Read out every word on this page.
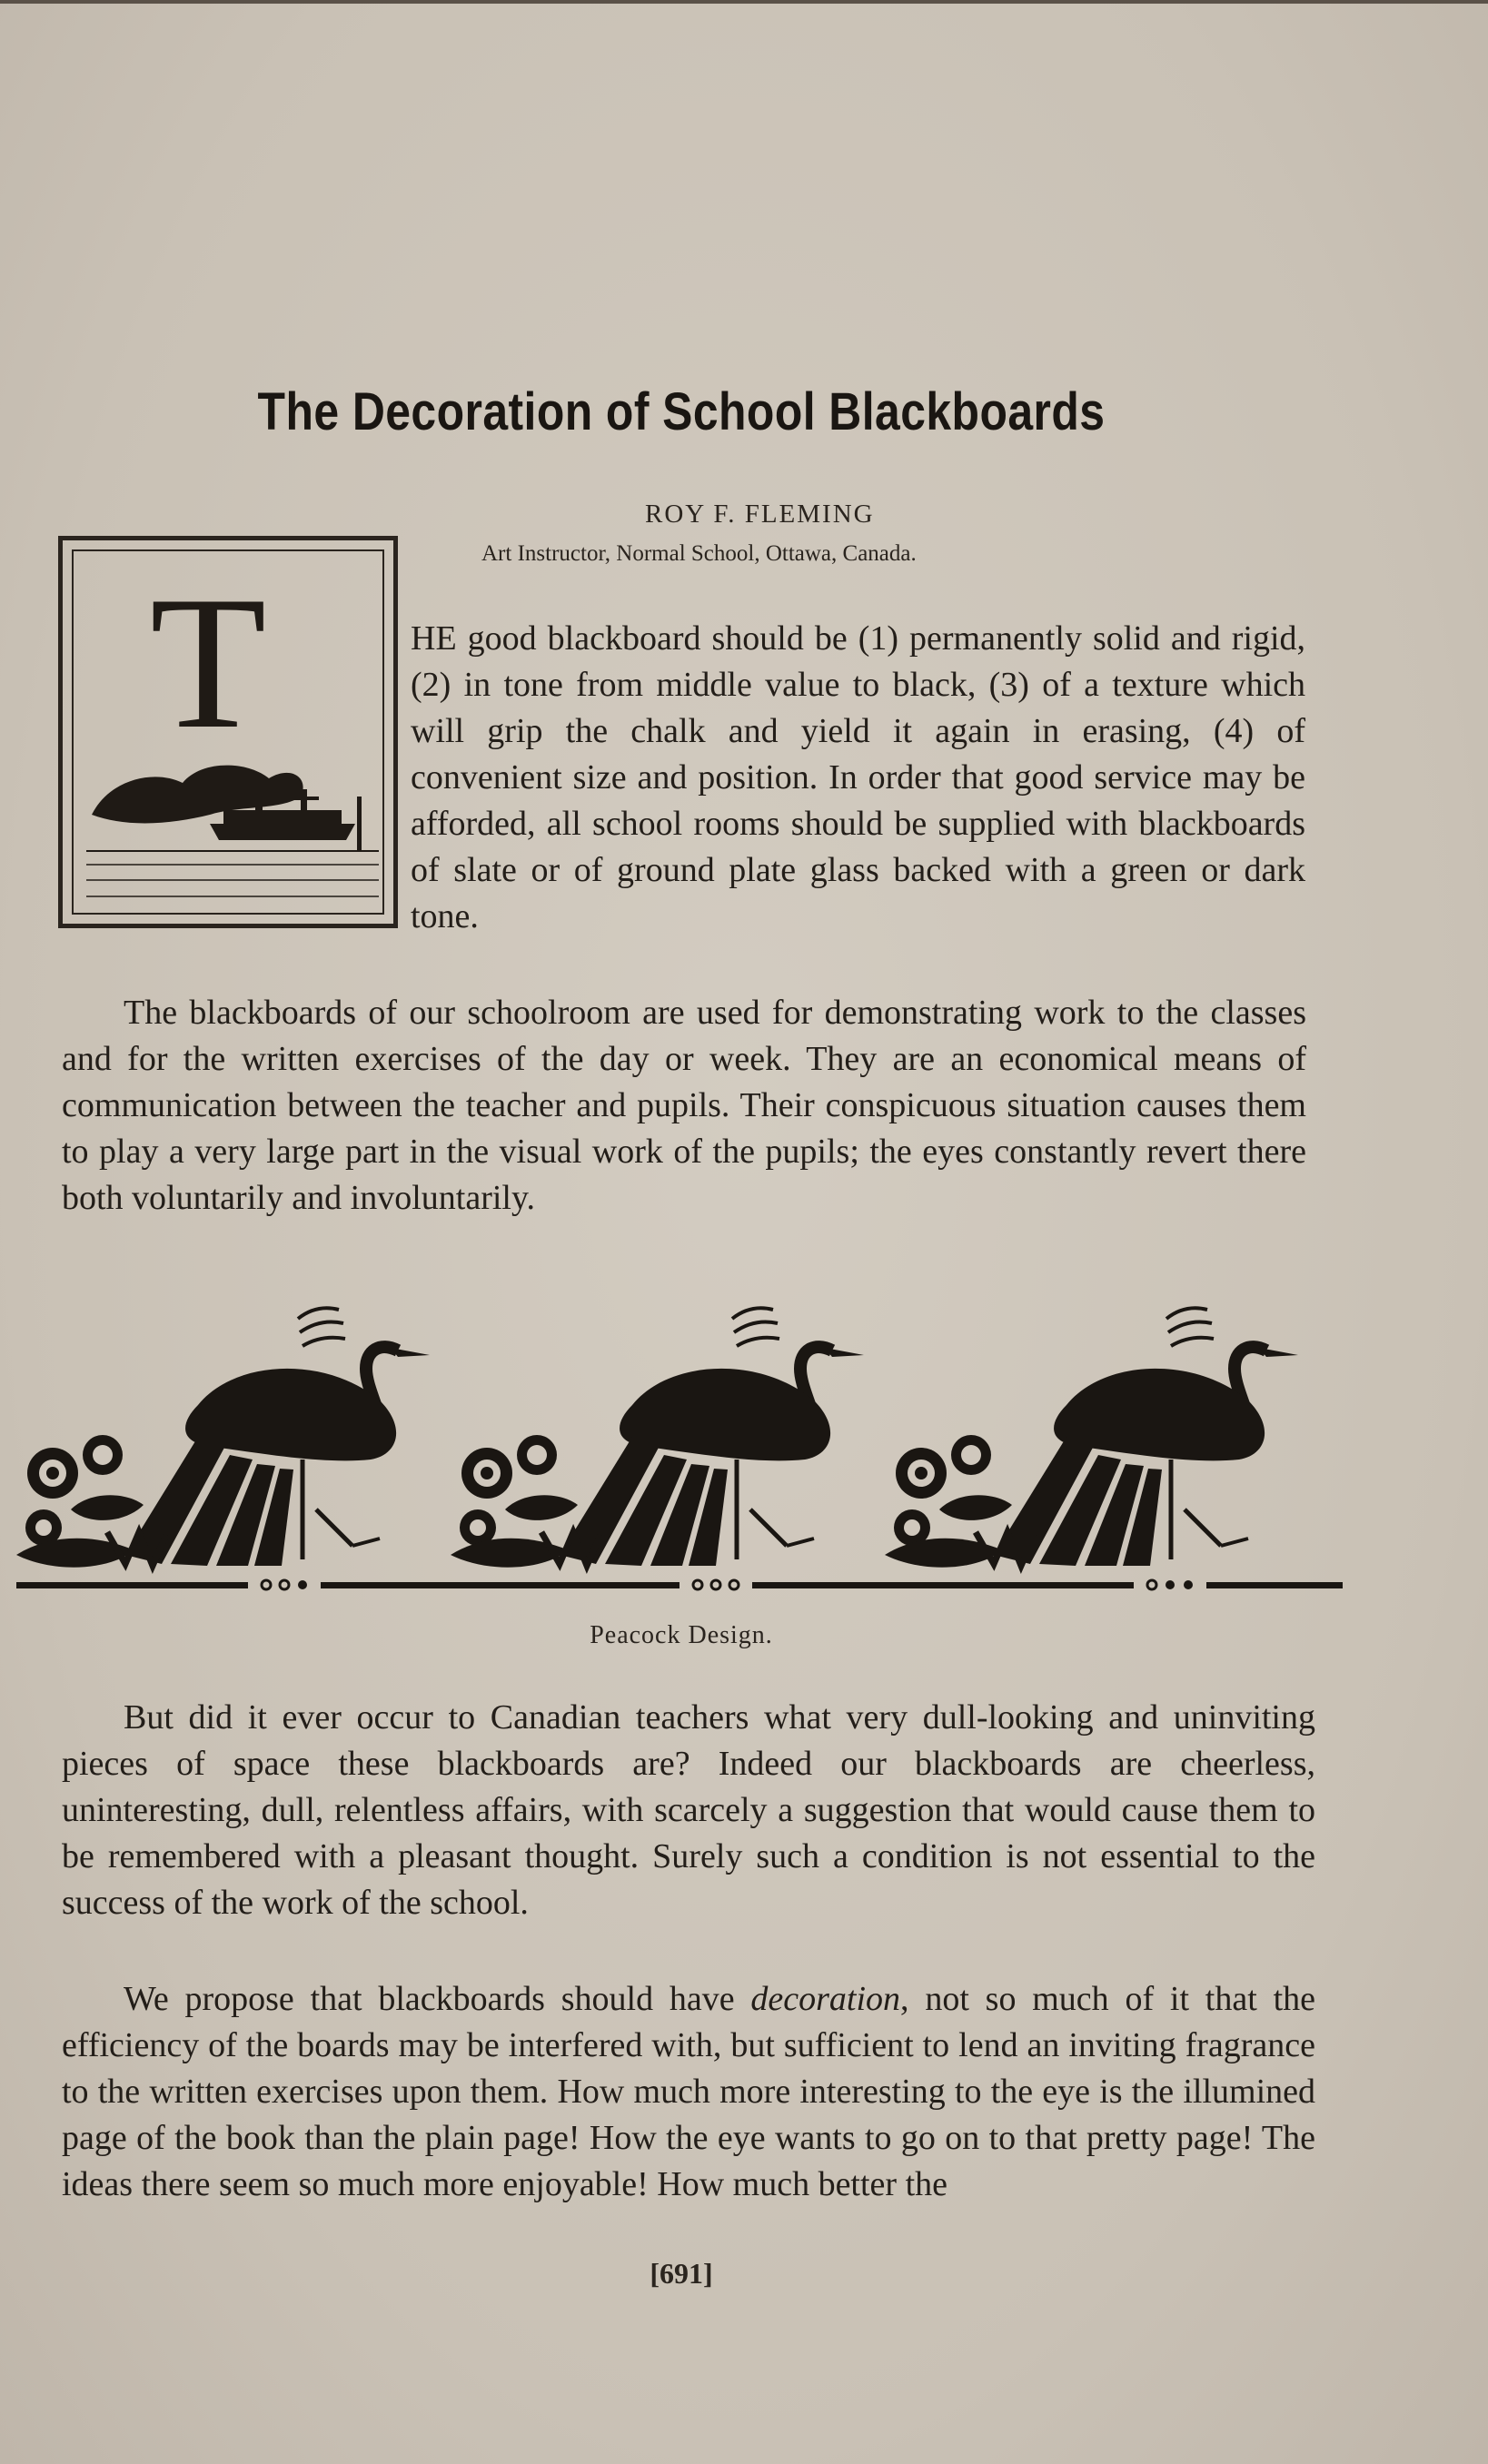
The Decoration of School Blackboards
ROY F. FLEMING
Art Instructor, Normal School, Ottawa, Canada.
T	HE good blackboard should be (1) permanently solid and rigid, (2) in tone from middle value to black, (3) of a texture which will grip the chalk and yield it again in erasing, (4) of convenient size and position. In order that good service may be afforded, all school rooms should be supplied with blackboards of slate or of ground plate glass backed with a green or dark tone.

The blackboards of our schoolroom are used for demonstrating work to the classes and for the written exercises of the day or week. They are an economical means of communication between the teacher and pupils. Their conspicuous situation causes them to play a very large part in the visual work of the pupils; the eyes constantly revert there both voluntarily and involuntarily.

Peacock Design.

But did it ever occur to Canadian teachers what very dull-looking and uninviting pieces of space these blackboards are? Indeed our blackboards are cheerless, uninteresting, dull, relentless affairs, with scarcely a suggestion that would cause them to be remembered with a pleasant thought. Surely such a condition is not essential to the success of the work of the school.

We propose that blackboards should have decoration, not so much of it that the efficiency of the boards may be interfered with, but sufficient to lend an inviting fragrance to the written exercises upon them. How much more interesting to the eye is the illumined page of the book than the plain page! How the eye wants to go on to that pretty page! The ideas there seem so much more enjoyable! How much better the

[691]
